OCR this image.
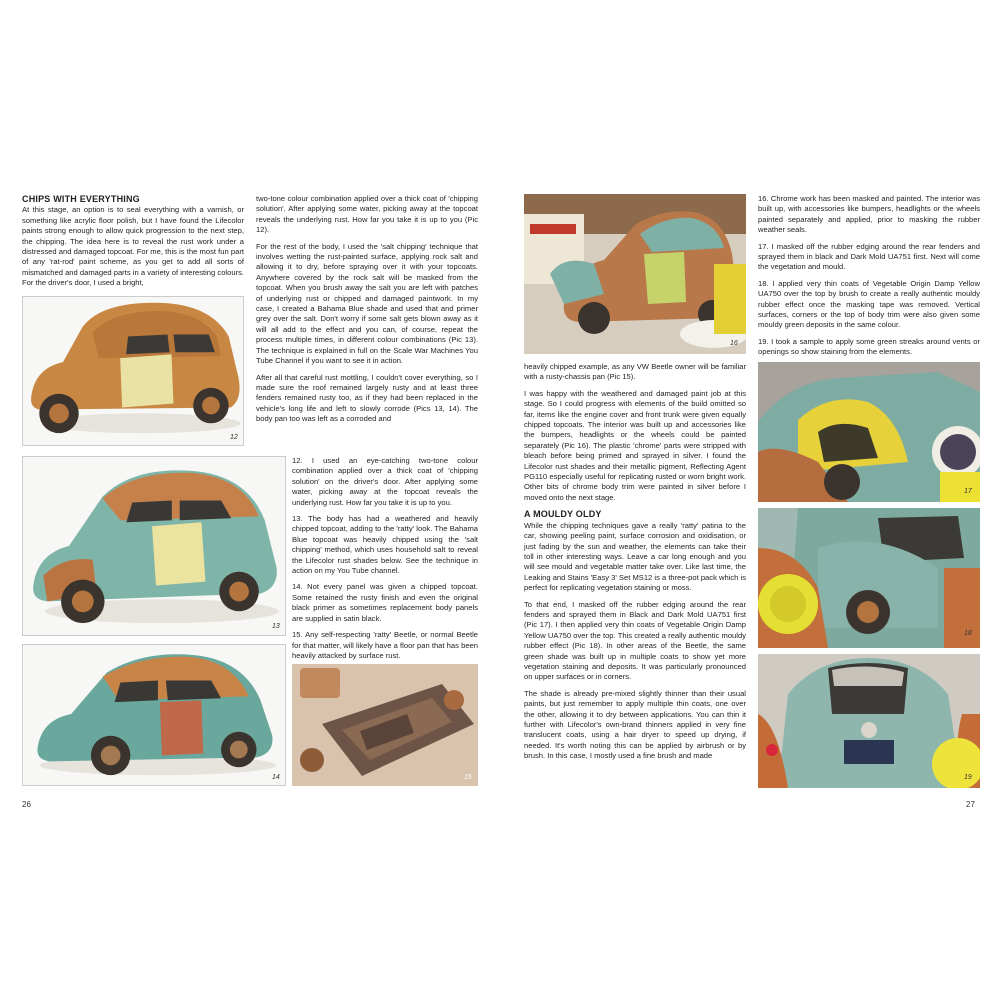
CHIPS WITH EVERYTHING

At this stage, an option is to seal everything with a varnish, or something like acrylic floor polish, but I have found the Lifecolor paints strong enough to allow quick progression to the next step, the chipping. The idea here is to reveal the rust work under a distressed and damaged topcoat. For me, this is the most fun part of any 'rat-rod' paint scheme, as you get to add all sorts of mismatched and damaged parts in a variety of interesting colours. For the driver's door, I used a bright,

two-tone colour combination applied over a thick coat of 'chipping solution'. After applying some water, picking away at the topcoat reveals the underlying rust. How far you take it is up to you (Pic 12).

For the rest of the body, I used the 'salt chipping' technique that involves wetting the rust-painted surface, applying rock salt and allowing it to dry, before spraying over it with your topcoats. Anywhere covered by the rock salt will be masked from the topcoat. When you brush away the salt you are left with patches of underlying rust or chipped and damaged paintwork. In my case, I created a Bahama Blue shade and used that and primer grey over the salt. Don't worry if some salt gets blown away as it will all add to the effect and you can, of course, repeat the process multiple times, in different colour combinations (Pic 13). The technique is explained in full on the Scale War Machines You Tube Channel if you want to see it in action.

After all that careful rust mottling, I couldn't cover everything, so I made sure the roof remained largely rusty and at least three fenders remained rusty too, as if they had been replaced in the vehicle's long life and left to slowly corrode (Pics 13, 14). The body pan too was left as a corroded and

12
13

12. I used an eye-catching two-tone colour combination applied over a thick coat of 'chipping solution' on the driver's door. After applying some water, picking away at the topcoat reveals the underlying rust. How far you take it is up to you.

13. The body has had a weathered and heavily chipped topcoat, adding to the 'ratty' look. The Bahama Blue topcoat was heavily chipped using the 'salt chipping' method, which uses household salt to reveal the Lifecolor rust shades below. See the technique in action on my You Tube channel.

14. Not every panel was given a chipped topcoat. Some retained the rusty finish and even the original black primer as sometimes replacement body panels are supplied in satin black.

15. Any self-respecting 'ratty' Beetle, or normal Beetle for that matter, will likely have a floor pan that has been heavily attacked by surface rust.

14	15
26
16

16. Chrome work has been masked and painted. The interior was built up, with accessories like bumpers, headlights or the wheels painted separately and applied, prior to masking the rubber weather seals.

17. I masked off the rubber edging around the rear fenders and sprayed them in black and Dark Mold UA751 first. Next will come the vegetation and mould.

18. I applied very thin coats of Vegetable Origin Damp Yellow UA750 over the top by brush to create a really authentic mouldy rubber effect once the masking tape was removed. Vertical surfaces, corners or the top of body trim were also given some mouldy green deposits in the same colour.

19. I took a sample to apply some green streaks around vents or openings so show staining from the elements.

heavily chipped example, as any VW Beetle owner will be familiar with a rusty-chassis pan (Pic 15).

I was happy with the weathered and damaged paint job at this stage. So I could progress with elements of the build omitted so far, items like the engine cover and front trunk were given equally chipped topcoats. The interior was built up and accessories like the bumpers, headlights or the wheels could be painted separately (Pic 16). The plastic 'chrome' parts were stripped with bleach before being primed and sprayed in silver. I found the Lifecolor rust shades and their metallic pigment, Reflecting Agent PG110 especially useful for replicating rusted or worn bright work. Other bits of chrome body trim were painted in silver before I moved onto the next stage.

A MOULDY OLDY

While the chipping techniques gave a really 'ratty' patina to the car, showing peeling paint, surface corrosion and oxidisation, or just fading by the sun and weather, the elements can take their toll in other interesting ways. Leave a car long enough and you will see mould and vegetable matter take over. Like last time, the Leaking and Stains 'Easy 3' Set MS12 is a three-pot pack which is perfect for replicating vegetation staining or moss.

To that end, I masked off the rubber edging around the rear fenders and sprayed them in Black and Dark Mold UA751 first (Pic 17). I then applied very thin coats of Vegetable Origin Damp Yellow UA750 over the top. This created a really authentic mouldy rubber effect (Pic 18). In other areas of the Beetle, the same green shade was built up in multiple coats to show yet more vegetation staining and deposits. It was particularly pronounced on upper surfaces or in corners.

The shade is already pre-mixed slightly thinner than their usual paints, but just remember to apply multiple thin coats, one over the other, allowing it to dry between applications. You can thin it further with Lifecolor's own-brand thinners applied in very fine translucent coats, using a hair dryer to speed up drying, if needed. It's worth noting this can be applied by airbrush or by brush. In this case, I mostly used a fine brush and made

17
18
19
27
